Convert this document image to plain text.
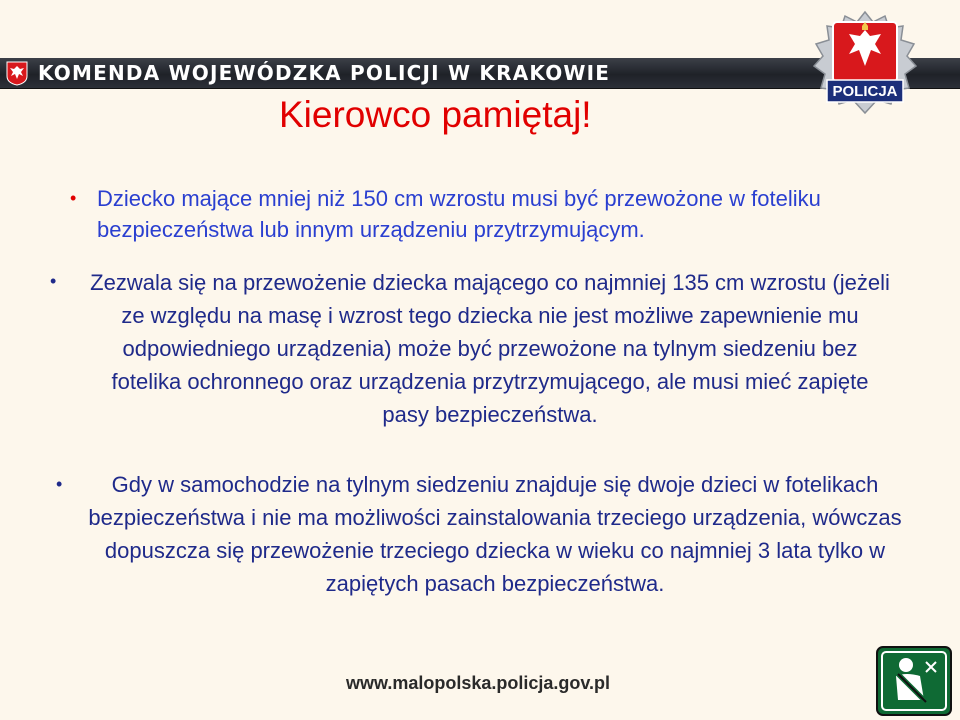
KOMENDA WOJEWÓDZKA POLICJI W KRAKOWIE
POLICJA
Kierowco pamiętaj!
• Dziecko mające mniej niż 150 cm wzrostu musi być przewożone w foteliku bezpieczeństwa lub innym urządzeniu przytrzymującym.
• Zezwala się na przewożenie dziecka mającego co najmniej 135 cm wzrostu (jeżeli ze względu na masę i wzrost tego dziecka nie jest możliwe zapewnienie mu odpowiedniego urządzenia) może być przewożone na tylnym siedzeniu bez fotelika ochronnego oraz urządzenia przytrzymującego, ale musi mieć zapięte pasy bezpieczeństwa.
•	Gdy w samochodzie na tylnym siedzeniu znajduje się dwoje dzieci w fotelikach bezpieczeństwa i nie ma możliwości zainstalowania trzeciego urządzenia, wówczas dopuszcza się przewożenie trzeciego dziecka w wieku co najmniej 3 lata tylko w zapiętych pasach bezpieczeństwa.
www.malopolska.policja.gov.pl
